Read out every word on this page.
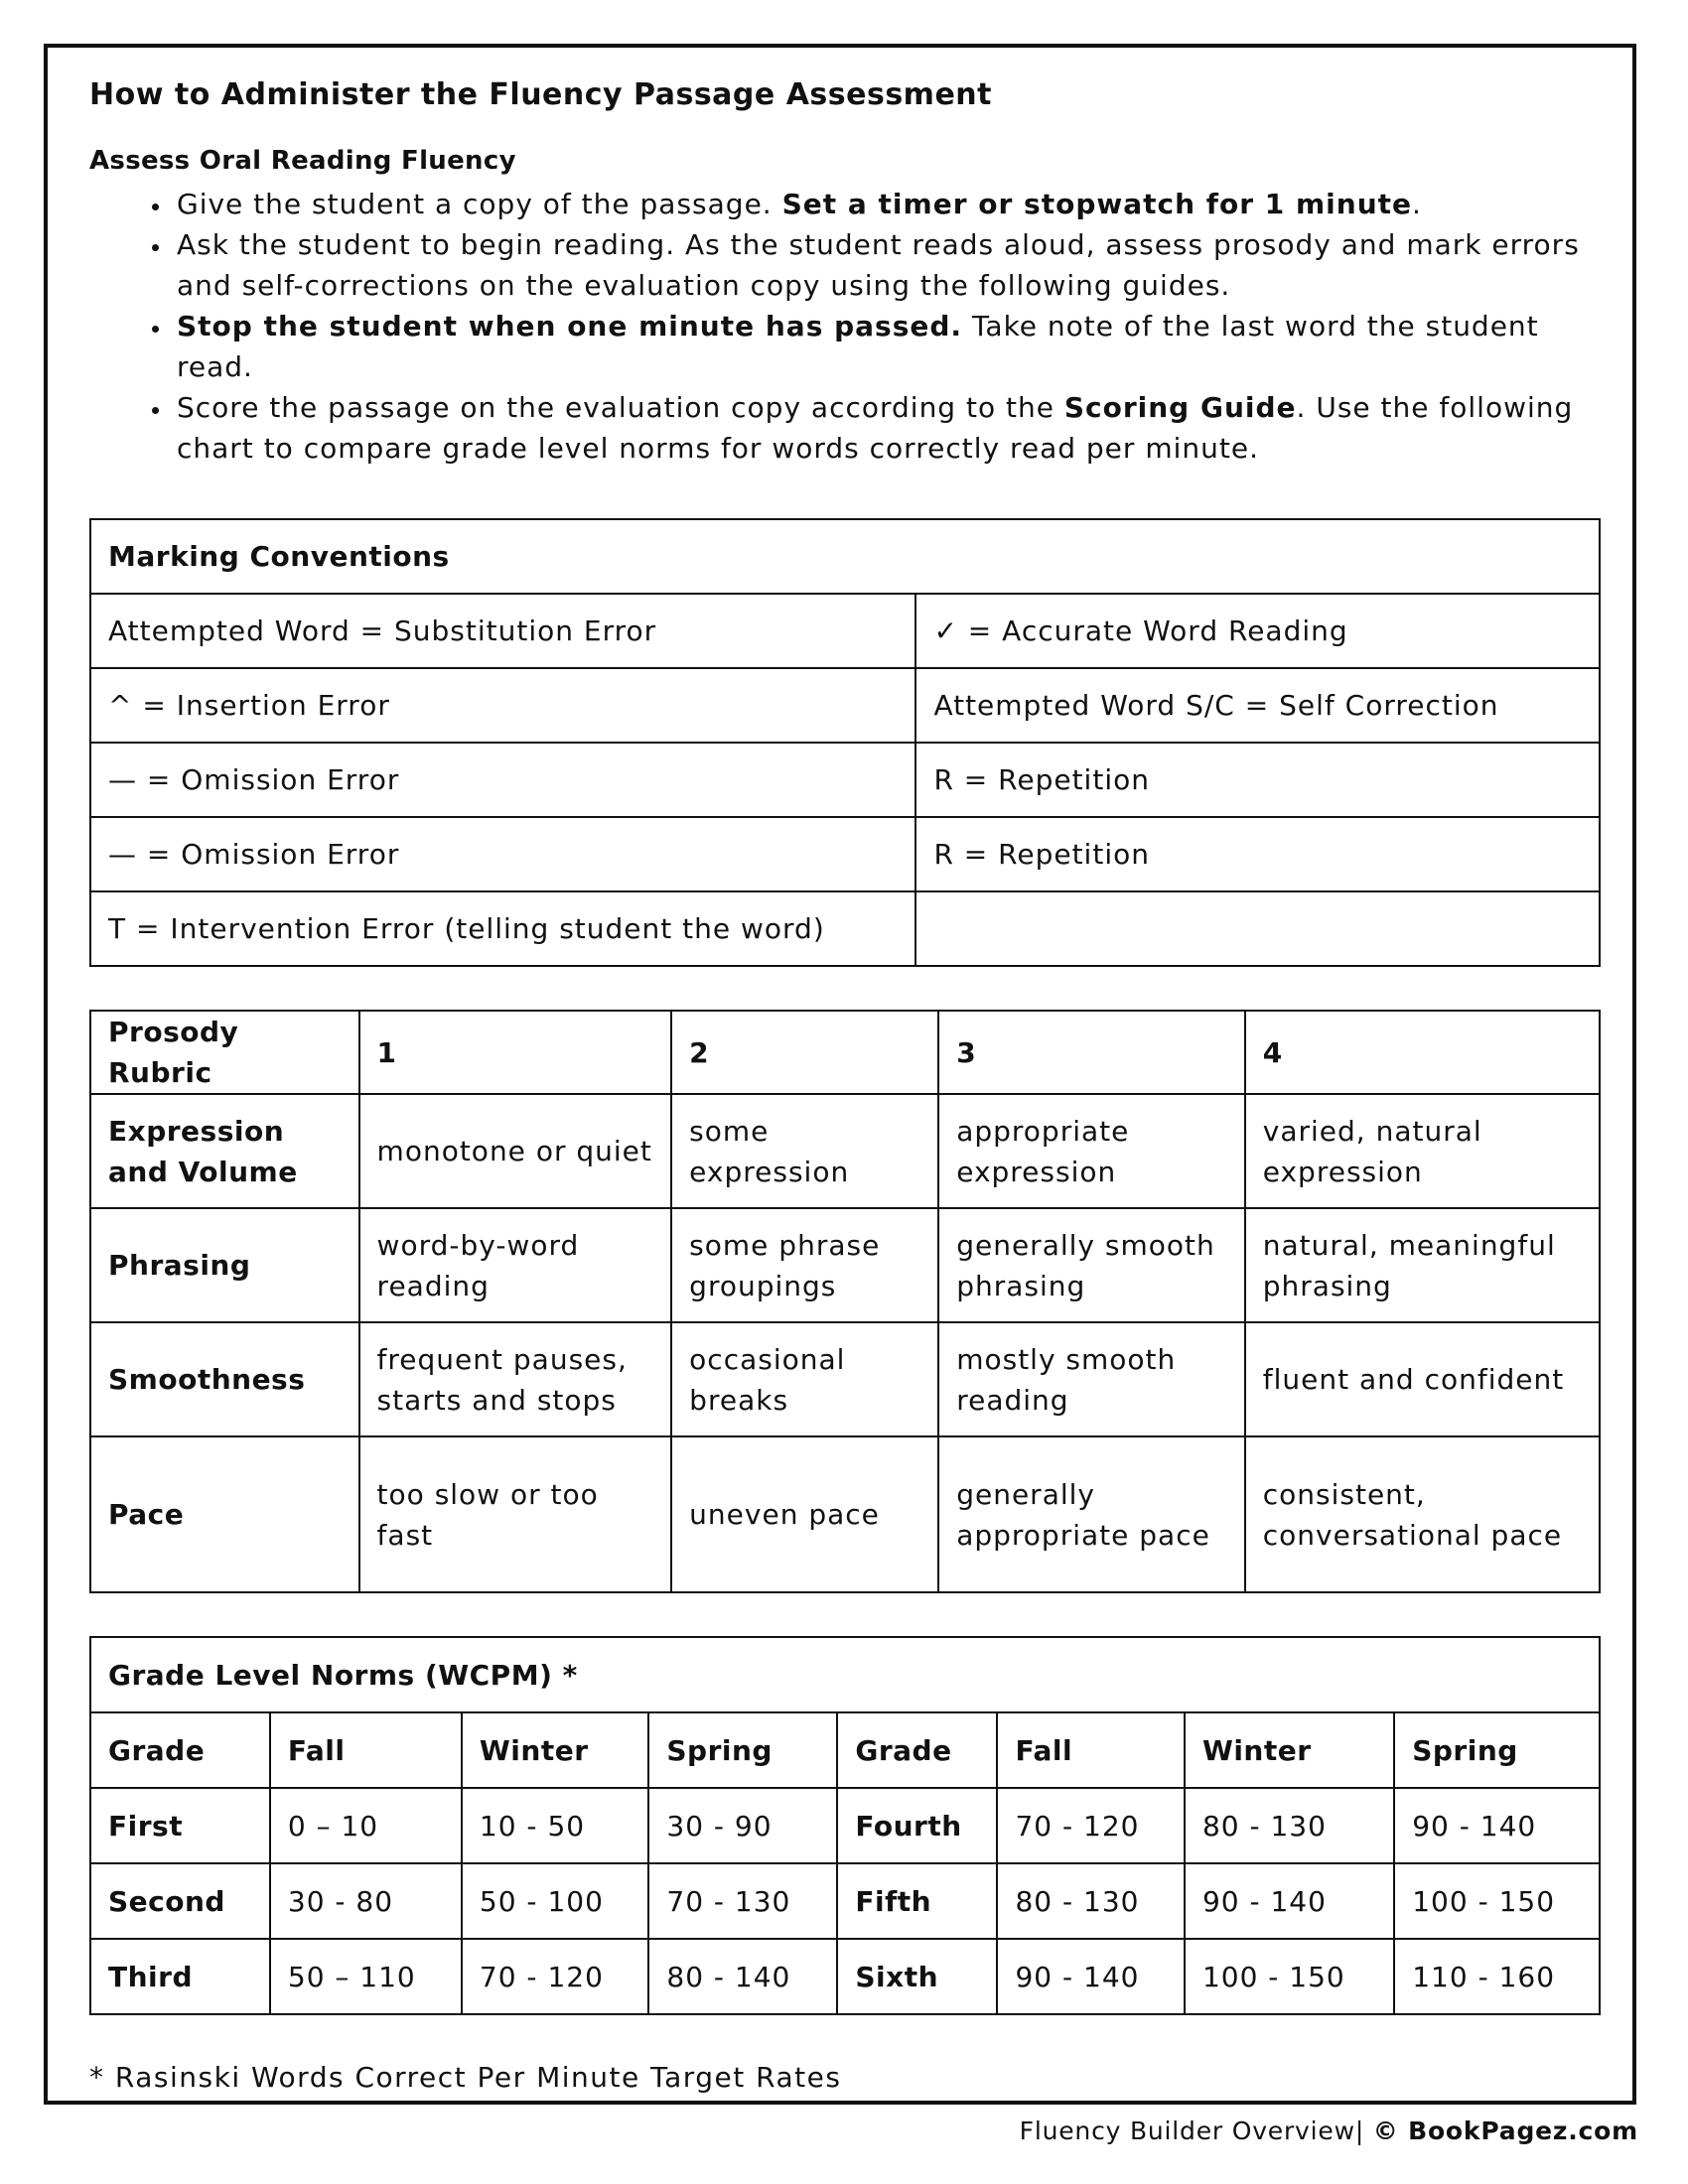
How to Administer the Fluency Passage Assessment
Assess Oral Reading Fluency
• Give the student a copy of the passage. Set a timer or stopwatch for 1 minute.
• Ask the student to begin reading. As the student reads aloud, assess prosody and mark errors and self-corrections on the evaluation copy using the following guides.
• Stop the student when one minute has passed. Take note of the last word the student read.
• Score the passage on the evaluation copy according to the Scoring Guide. Use the following chart to compare grade level norms for words correctly read per minute.
Marking Conventions	
Attempted Word = Substitution Error	✓ = Accurate Word Reading
^ = Insertion Error	Attempted Word S/C = Self Correction
— = Omission Error	R = Repetition
— = Omission Error	R = Repetition
T = Intervention Error (telling student the word)	
Prosody Rubric	1	2	3	4
Expression and Volume	monotone or quiet	some expression	appropriate expression	varied, natural expression
Phrasing	word-by-word reading	some phrase groupings	generally smooth phrasing	natural, meaningful phrasing
Smoothness	frequent pauses, starts and stops	occasional breaks	mostly smooth reading	fluent and confident
Pace	too slow or too fast	uneven pace	generally appropriate pace	consistent, conversational pace
Grade Level Norms (WCPM) *							
Grade	Fall	Winter	Spring	Grade	Fall	Winter	Spring
First	0 – 10	10 - 50	30 - 90	Fourth	70 - 120	80 - 130	90 - 140
Second	30 - 80	50 - 100	70 - 130	Fifth	80 - 130	90 - 140	100 - 150
Third	50 – 110	70 - 120	80 - 140	Sixth	90 - 140	100 - 150	110 - 160
* Rasinski Words Correct Per Minute Target Rates
Fluency Builder Overview| © BookPagez.com
